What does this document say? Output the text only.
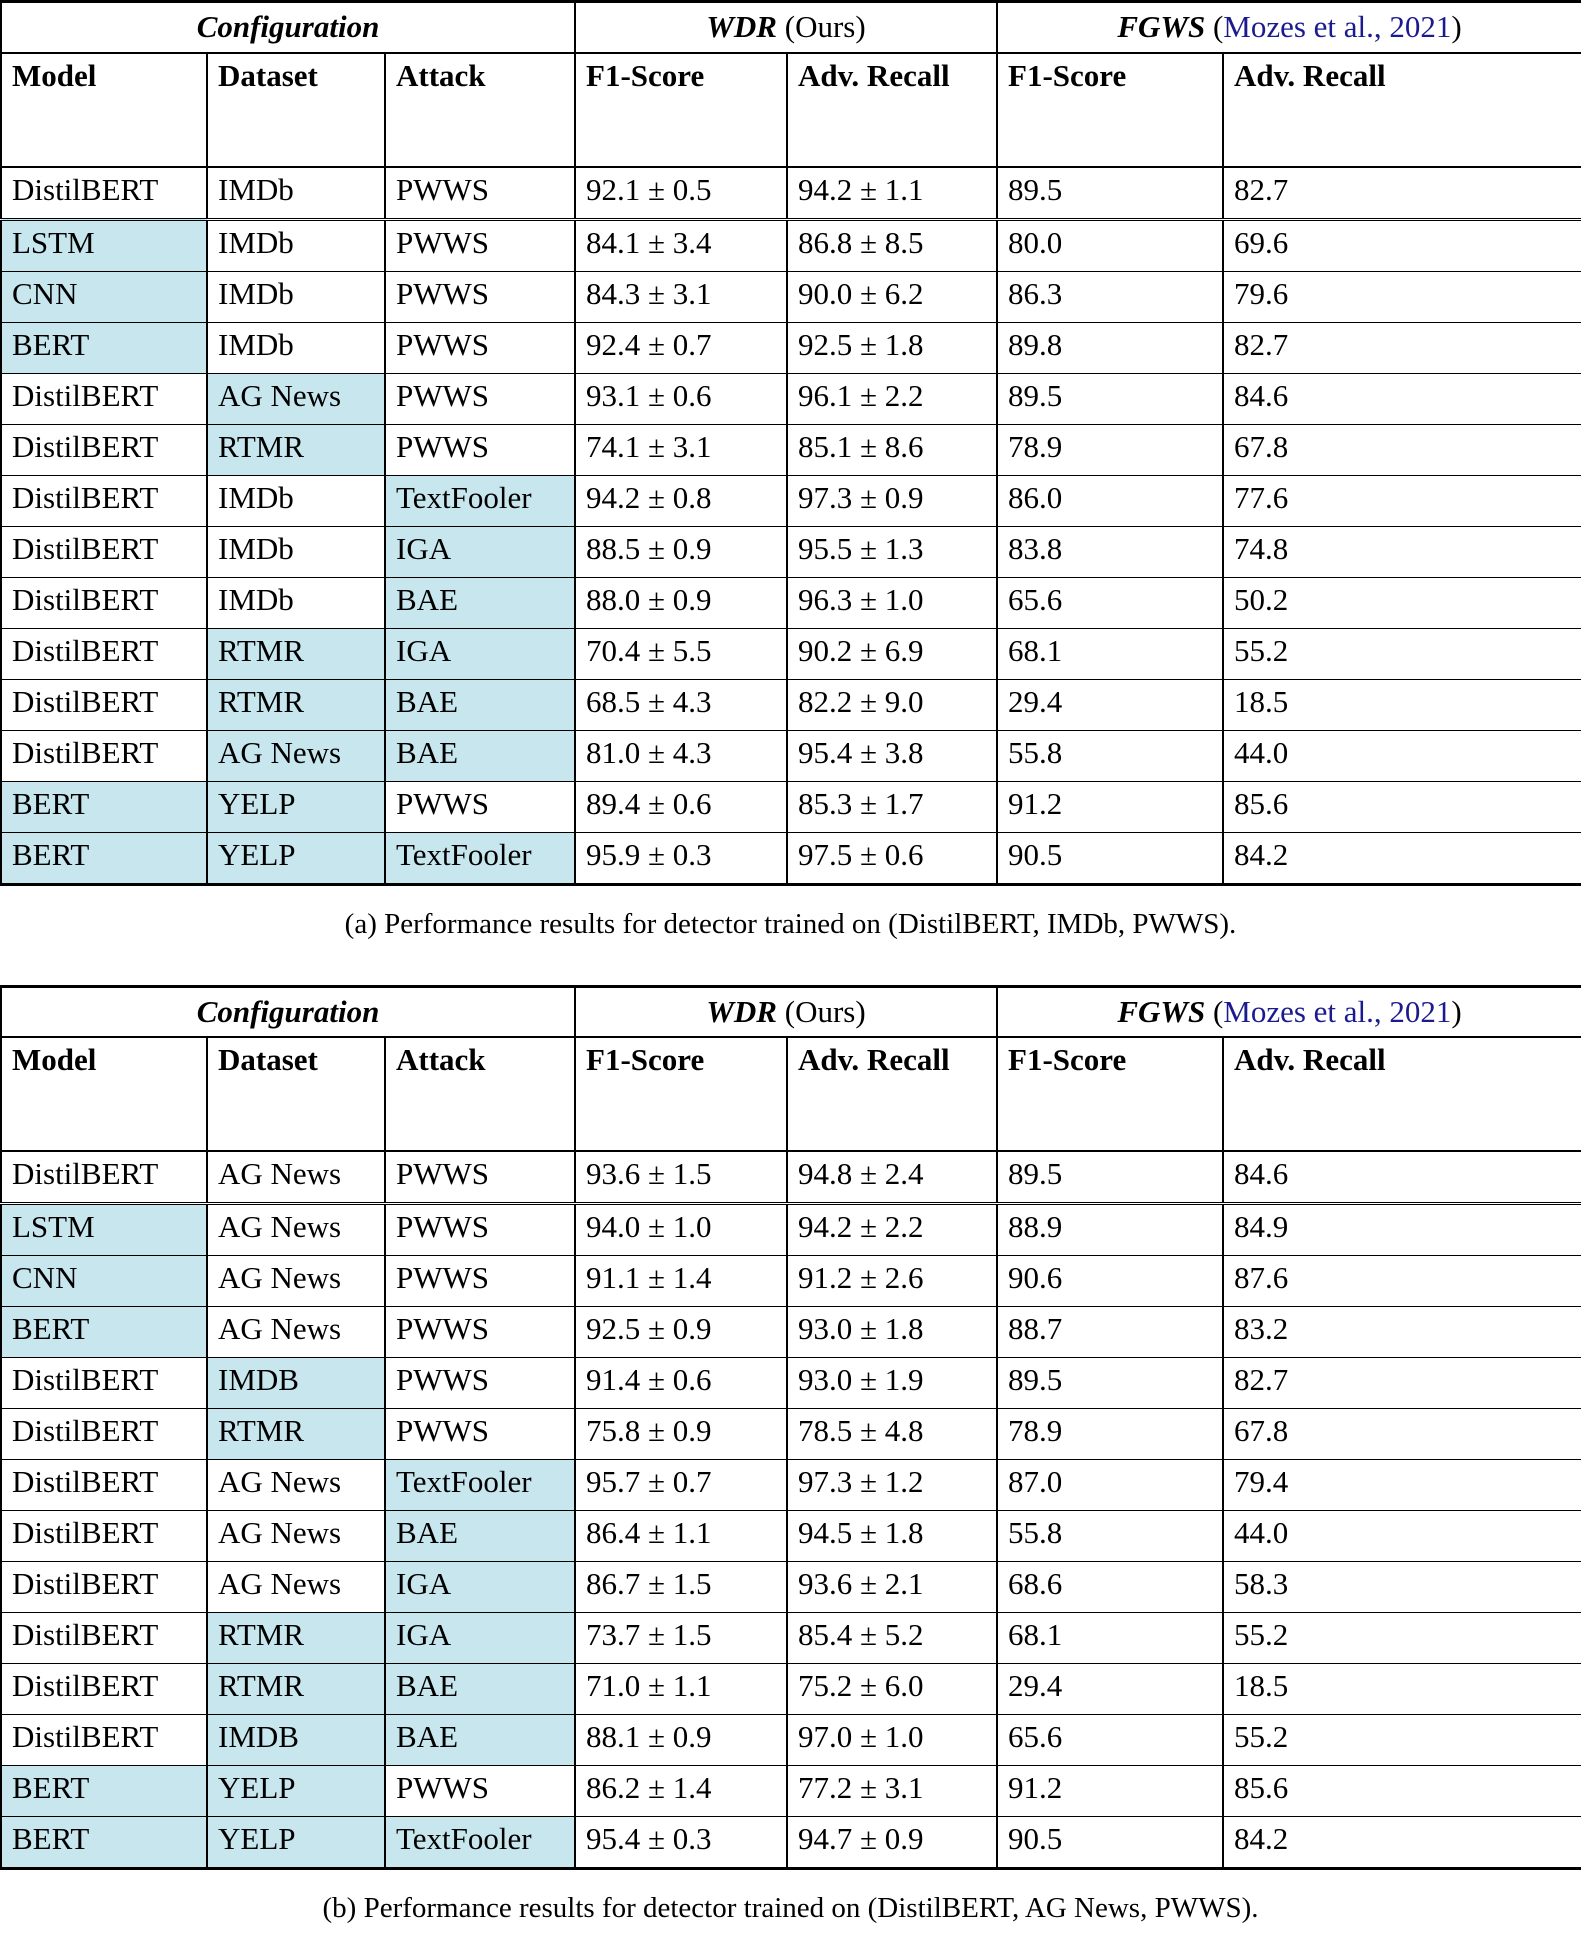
Configuration			WDR (Ours)		FGWS (Mozes et al., 2021)	
Model	Dataset	Attack	F1-Score	Adv. Recall	F1-Score	Adv. Recall
DistilBERT	IMDb	PWWS	92.1 ± 0.5	94.2 ± 1.1	89.5	82.7
LSTM	IMDb	PWWS	84.1 ± 3.4	86.8 ± 8.5	80.0	69.6
CNN	IMDb	PWWS	84.3 ± 3.1	90.0 ± 6.2	86.3	79.6
BERT	IMDb	PWWS	92.4 ± 0.7	92.5 ± 1.8	89.8	82.7
DistilBERT	AG News	PWWS	93.1 ± 0.6	96.1 ± 2.2	89.5	84.6
DistilBERT	RTMR	PWWS	74.1 ± 3.1	85.1 ± 8.6	78.9	67.8
DistilBERT	IMDb	TextFooler	94.2 ± 0.8	97.3 ± 0.9	86.0	77.6
DistilBERT	IMDb	IGA	88.5 ± 0.9	95.5 ± 1.3	83.8	74.8
DistilBERT	IMDb	BAE	88.0 ± 0.9	96.3 ± 1.0	65.6	50.2
DistilBERT	RTMR	IGA	70.4 ± 5.5	90.2 ± 6.9	68.1	55.2
DistilBERT	RTMR	BAE	68.5 ± 4.3	82.2 ± 9.0	29.4	18.5
DistilBERT	AG News	BAE	81.0 ± 4.3	95.4 ± 3.8	55.8	44.0
BERT	YELP	PWWS	89.4 ± 0.6	85.3 ± 1.7	91.2	85.6
BERT	YELP	TextFooler	95.9 ± 0.3	97.5 ± 0.6	90.5	84.2
(a) Performance results for detector trained on (DistilBERT, IMDb, PWWS).
Configuration			WDR (Ours)		FGWS (Mozes et al., 2021)	
Model	Dataset	Attack	F1-Score	Adv. Recall	F1-Score	Adv. Recall
DistilBERT	AG News	PWWS	93.6 ± 1.5	94.8 ± 2.4	89.5	84.6
LSTM	AG News	PWWS	94.0 ± 1.0	94.2 ± 2.2	88.9	84.9
CNN	AG News	PWWS	91.1 ± 1.4	91.2 ± 2.6	90.6	87.6
BERT	AG News	PWWS	92.5 ± 0.9	93.0 ± 1.8	88.7	83.2
DistilBERT	IMDB	PWWS	91.4 ± 0.6	93.0 ± 1.9	89.5	82.7
DistilBERT	RTMR	PWWS	75.8 ± 0.9	78.5 ± 4.8	78.9	67.8
DistilBERT	AG News	TextFooler	95.7 ± 0.7	97.3 ± 1.2	87.0	79.4
DistilBERT	AG News	BAE	86.4 ± 1.1	94.5 ± 1.8	55.8	44.0
DistilBERT	AG News	IGA	86.7 ± 1.5	93.6 ± 2.1	68.6	58.3
DistilBERT	RTMR	IGA	73.7 ± 1.5	85.4 ± 5.2	68.1	55.2
DistilBERT	RTMR	BAE	71.0 ± 1.1	75.2 ± 6.0	29.4	18.5
DistilBERT	IMDB	BAE	88.1 ± 0.9	97.0 ± 1.0	65.6	55.2
BERT	YELP	PWWS	86.2 ± 1.4	77.2 ± 3.1	91.2	85.6
BERT	YELP	TextFooler	95.4 ± 0.3	94.7 ± 0.9	90.5	84.2
(b) Performance results for detector trained on (DistilBERT, AG News, PWWS).
